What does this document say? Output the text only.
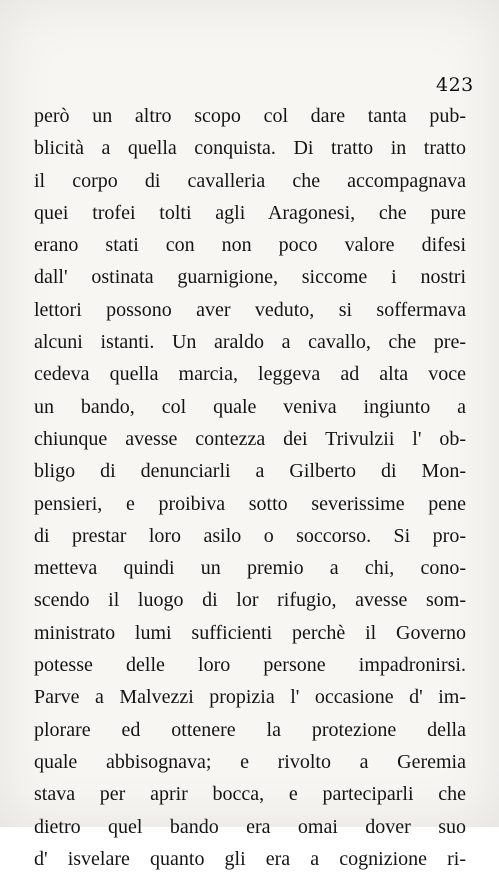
423
però un altro scopo col dare tanta pub-
blicità a quella conquista. Di tratto in tratto
il corpo di cavalleria che accompagnava
quei trofei tolti agli Aragonesi, che pure
erano stati con non poco valore difesi
dall' ostinata guarnigione, siccome i nostri
lettori possono aver veduto, si soffermava
alcuni istanti. Un araldo a cavallo, che pre-
cedeva quella marcia, leggeva ad alta voce
un bando, col quale veniva ingiunto a
chiunque avesse contezza dei Trivulzii l' ob-
bligo di denunciarli a Gilberto di Mon-
pensieri, e proibiva sotto severissime pene
di prestar loro asilo o soccorso. Si pro-
metteva quindi un premio a chi, cono-
scendo il luogo di lor rifugio, avesse som-
ministrato lumi sufficienti perchè il Governo
potesse delle loro persone impadronirsi.
Parve a Malvezzi propizia l' occasione d' im-
plorare ed ottenere la protezione della
quale abbisognava; e rivolto a Geremia
stava per aprir bocca, e parteciparli che
dietro quel bando era omai dover suo
d' isvelare quanto gli era a cognizione ri-
